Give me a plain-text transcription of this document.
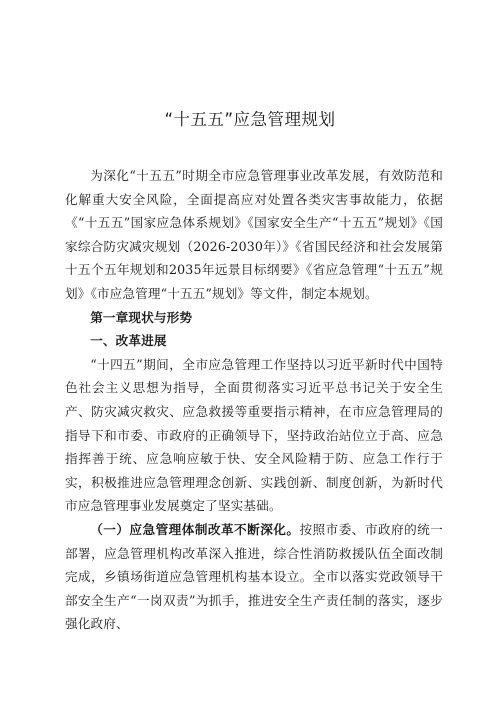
“十五五”应急管理规划

为深化“十五五”时期全市应急管理事业改革发展，有效防范和化解重大安全风险，全面提高应对处置各类灾害事故能力，依据《“十五五”国家应急体系规划》《国家安全生产“十五五”规划》《国家综合防灾减灾规划（2026-2030年）》《省国民经济和社会发展第十五个五年规划和2035年远景目标纲要》《省应急管理“十五五”规划》《市应急管理“十五五”规划》等文件，制定本规划。

第一章现状与形势

一、改革进展

“十四五”期间，全市应急管理工作坚持以习近平新时代中国特色社会主义思想为指导，全面贯彻落实习近平总书记关于安全生产、防灾减灾救灾、应急救援等重要指示精神，在市应急管理局的指导下和市委、市政府的正确领导下，坚持政治站位立于高、应急指挥善于统、应急响应敏于快、安全风险精于防、应急工作行于实，积极推进应急管理理念创新、实践创新、制度创新，为新时代市应急管理事业发展奠定了坚实基础。

（一）应急管理体制改革不断深化。按照市委、市政府的统一部署，应急管理机构改革深入推进，综合性消防救援队伍全面改制完成，乡镇场街道应急管理机构基本设立。全市以落实党政领导干部安全生产“一岗双责”为抓手，推进安全生产责任制的落实，逐步强化政府、
